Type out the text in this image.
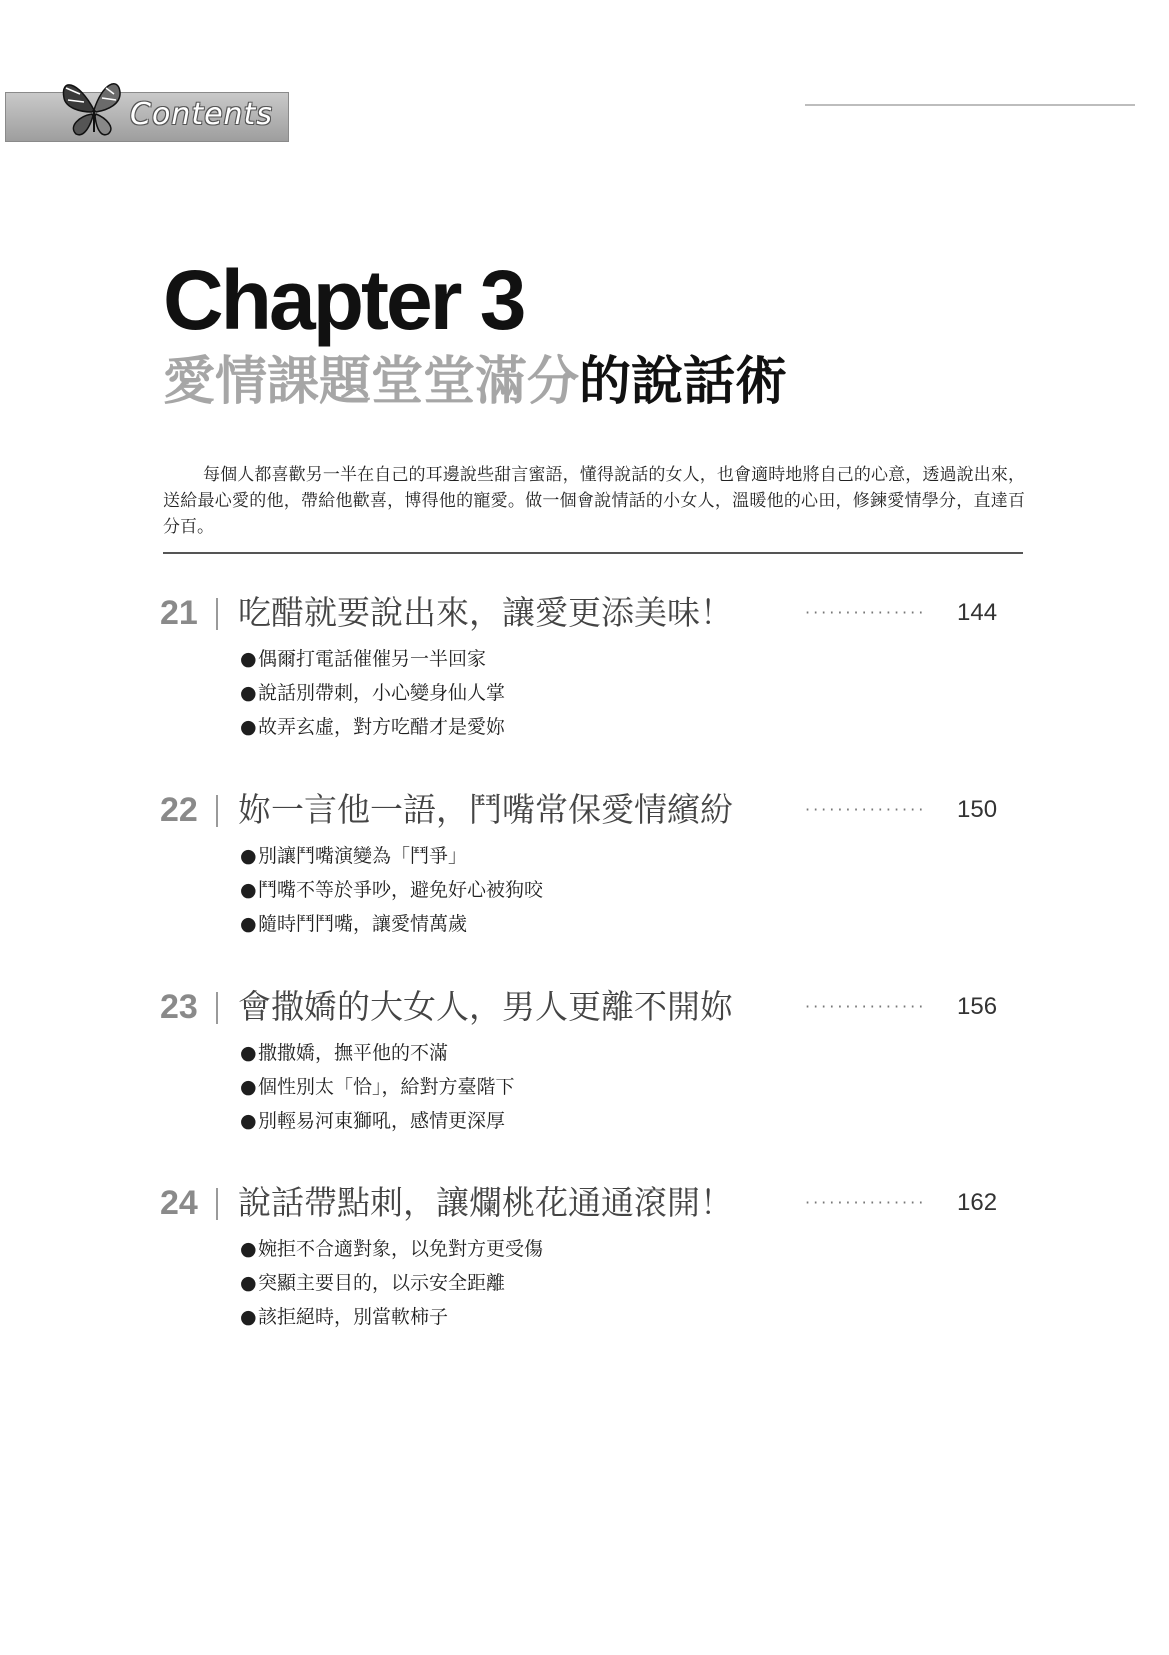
Contents
Chapter 3
愛情課題堂堂滿分的說話術
每個人都喜歡另一半在自己的耳邊說些甜言蜜語，懂得說話的女人，也會適時地將自己的心意，透過說出來，送給最心愛的他，帶給他歡喜，博得他的寵愛。做一個會說情話的小女人，溫暖他的心田，修鍊愛情學分，直達百分百。
21 吃醋就要說出來，讓愛更添美味！	···············	144
●偶爾打電話催催另一半回家
●說話別帶刺，小心變身仙人掌
●故弄玄虛，對方吃醋才是愛妳
22 妳一言他一語，鬥嘴常保愛情繽紛	···············	150
●別讓鬥嘴演變為「鬥爭」
●鬥嘴不等於爭吵，避免好心被狗咬
●隨時鬥鬥嘴，讓愛情萬歲
23 會撒嬌的大女人，男人更離不開妳	···············	156
●撒撒嬌，撫平他的不滿
●個性別太「恰」，給對方臺階下
●別輕易河東獅吼，感情更深厚
24 說話帶點刺，讓爛桃花通通滾開！	···············	162
●婉拒不合適對象，以免對方更受傷
●突顯主要目的，以示安全距離
●該拒絕時，別當軟柿子
